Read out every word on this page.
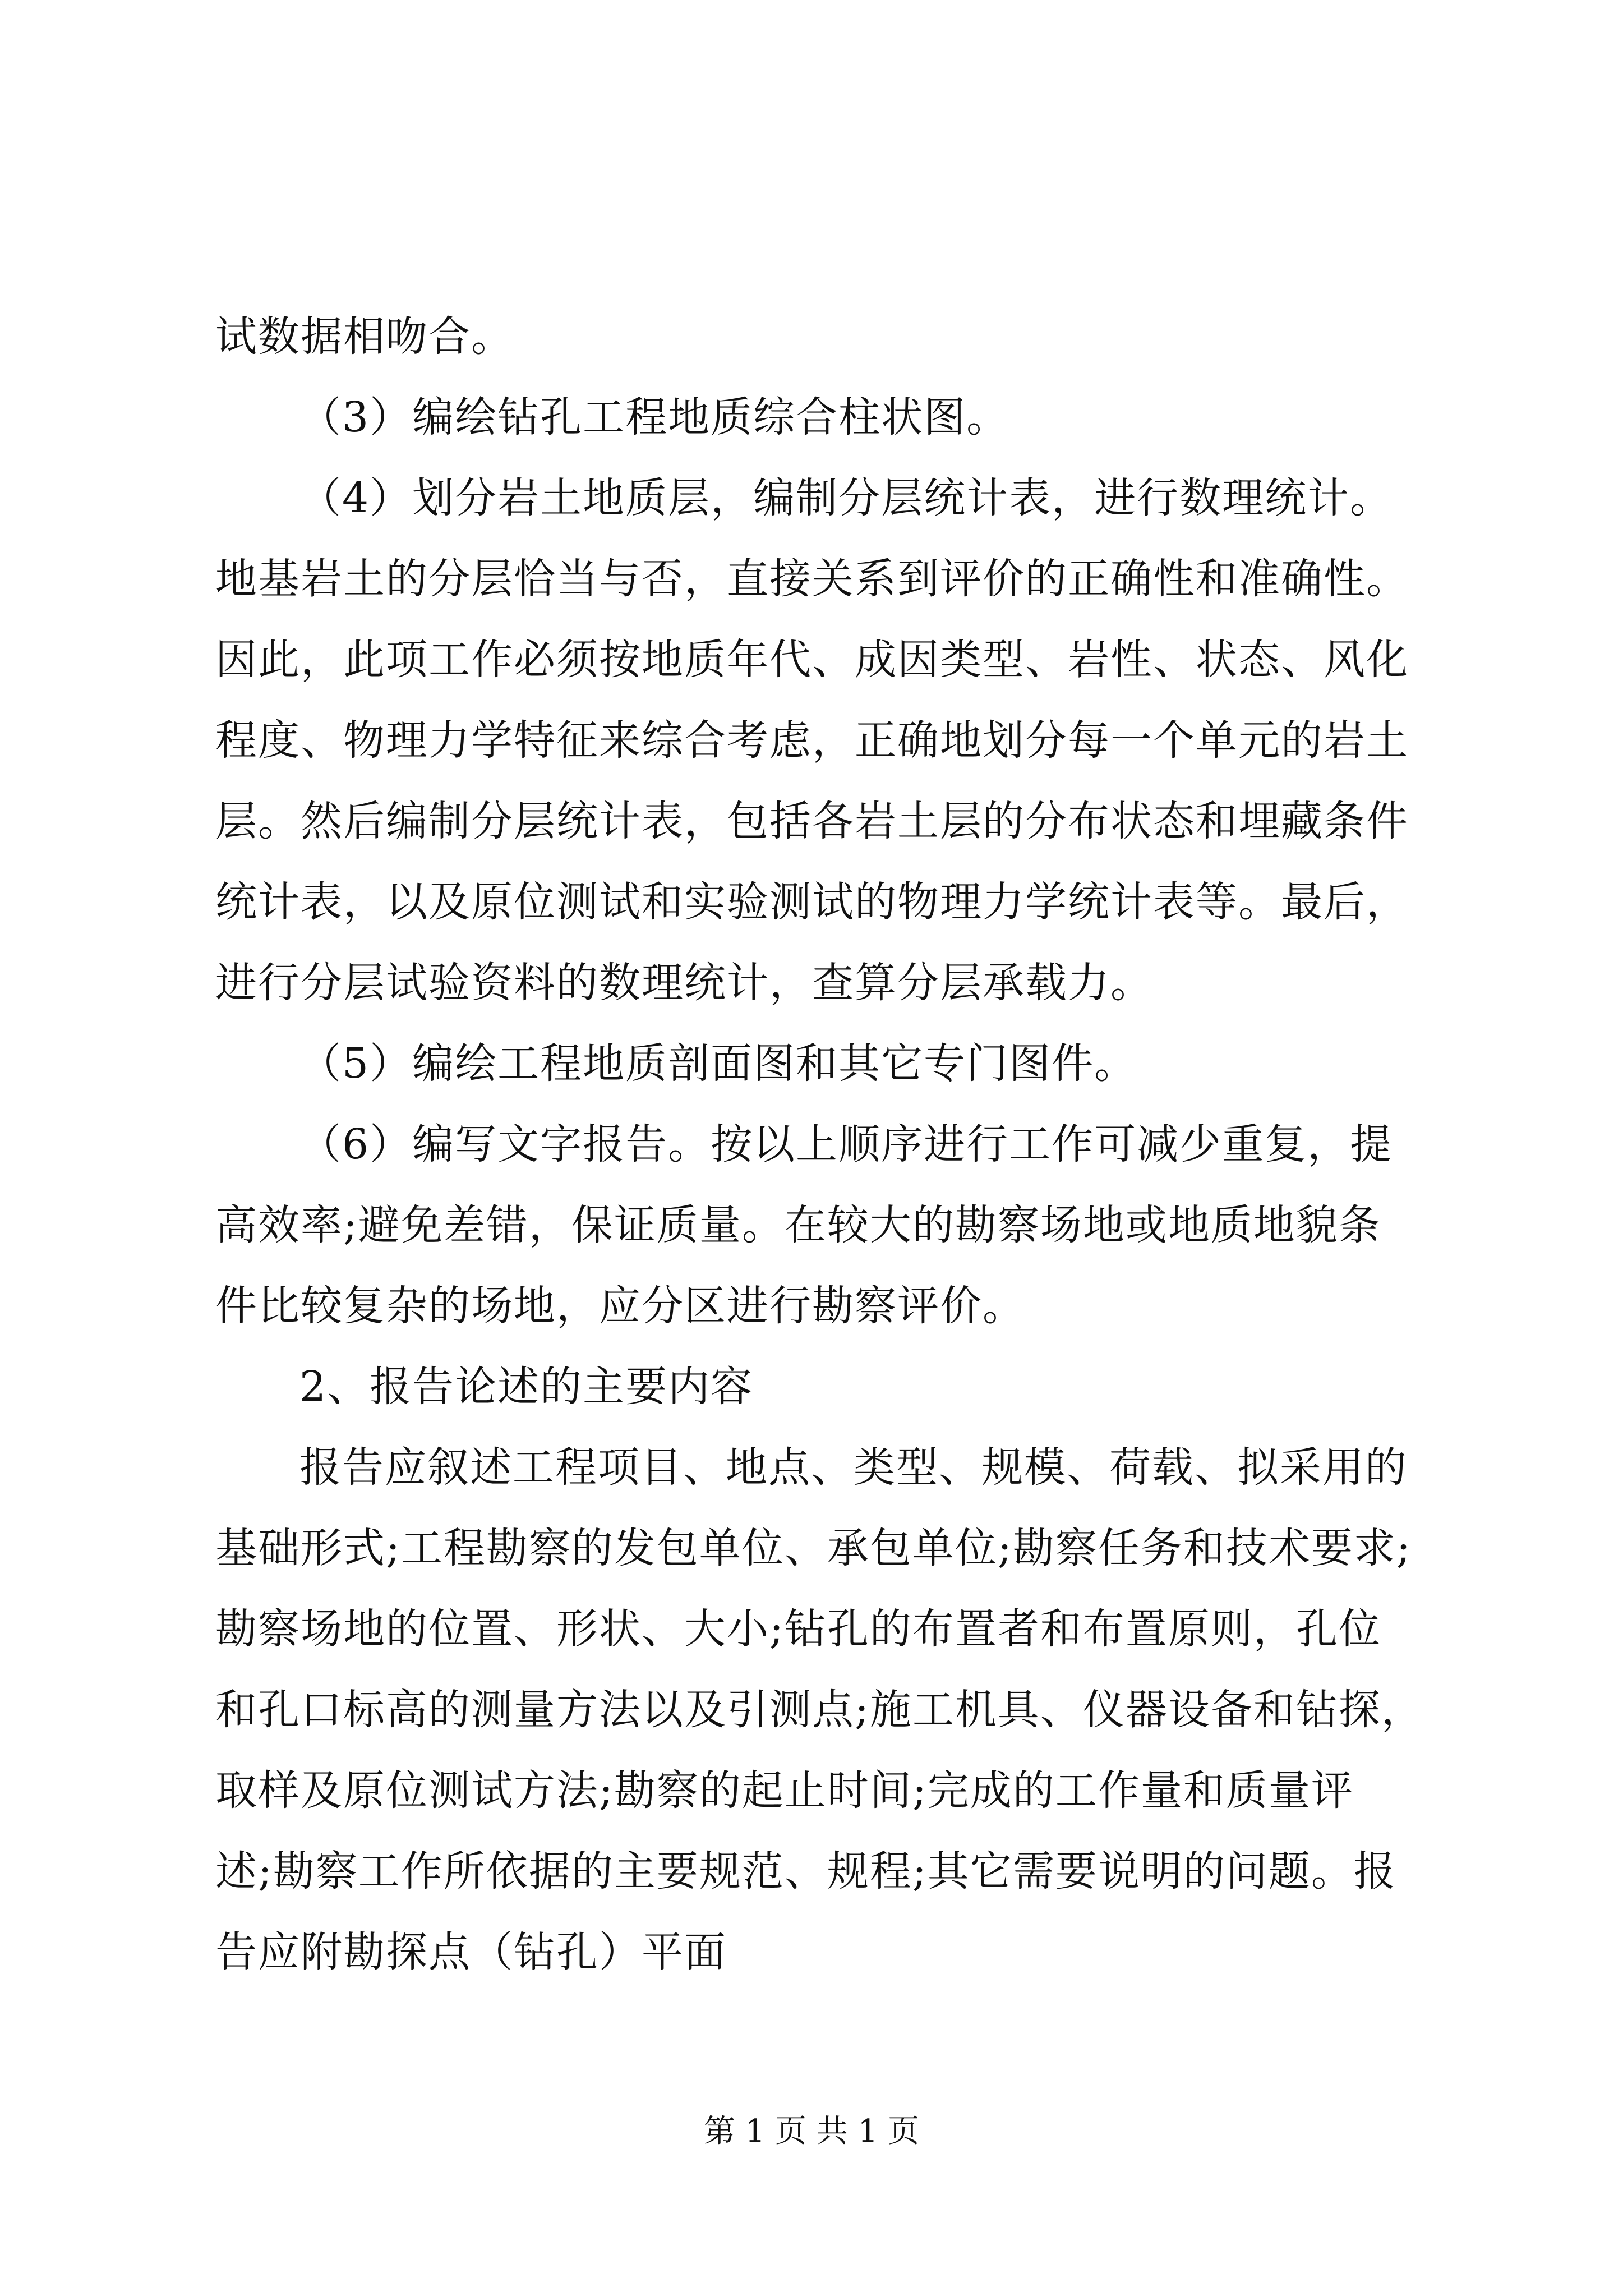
试数据相吻合。
（3）编绘钻孔工程地质综合柱状图。
（4）划分岩土地质层，编制分层统计表，进行数理统计。
地基岩土的分层恰当与否，直接关系到评价的正确性和准确性。
因此，此项工作必须按地质年代、成因类型、岩性、状态、风化
程度、物理力学特征来综合考虑，正确地划分每一个单元的岩土
层。然后编制分层统计表，包括各岩土层的分布状态和埋藏条件
统计表，以及原位测试和实验测试的物理力学统计表等。最后，
进行分层试验资料的数理统计，查算分层承载力。
（5）编绘工程地质剖面图和其它专门图件。
（6）编写文字报告。按以上顺序进行工作可减少重复，提
高效率;避免差错，保证质量。在较大的勘察场地或地质地貌条
件比较复杂的场地，应分区进行勘察评价。
2、报告论述的主要内容
报告应叙述工程项目、地点、类型、规模、荷载、拟采用的
基础形式;工程勘察的发包单位、承包单位;勘察任务和技术要求;
勘察场地的位置、形状、大小;钻孔的布置者和布置原则，孔位
和孔口标高的测量方法以及引测点;施工机具、仪器设备和钻探，
取样及原位测试方法;勘察的起止时间;完成的工作量和质量评
述;勘察工作所依据的主要规范、规程;其它需要说明的问题。报
告应附勘探点（钻孔）平面
第 1 页 共 1 页
